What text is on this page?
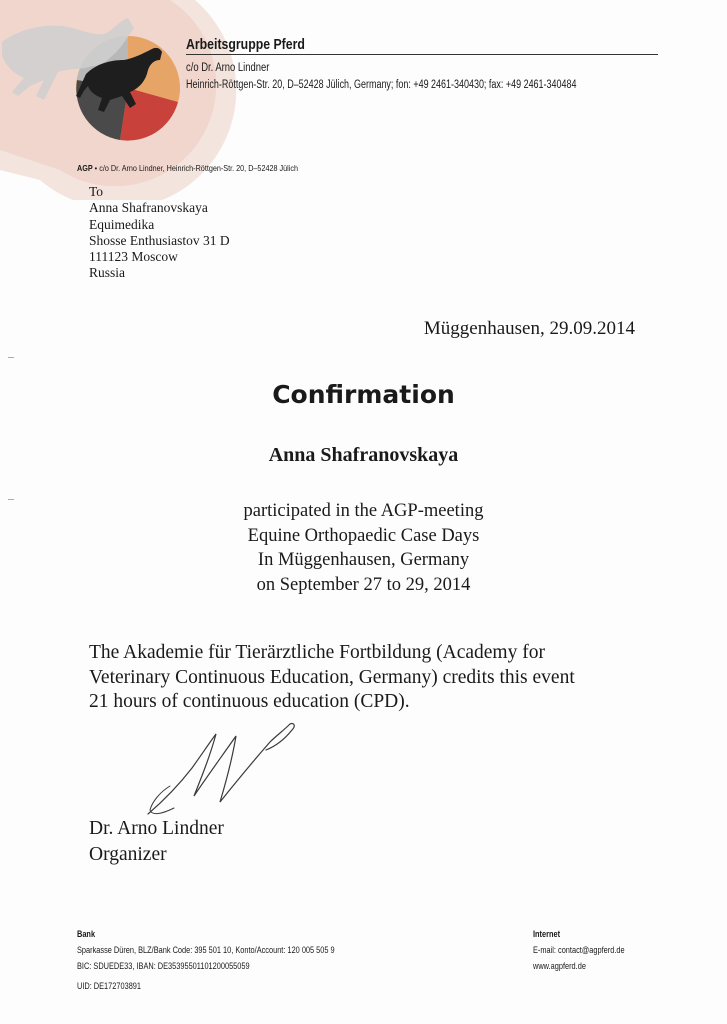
Arbeitsgruppe Pferd
c/o Dr. Arno Lindner
Heinrich-Röttgen-Str. 20, D–52428 Jülich, Germany; fon: +49 2461-340430; fax: +49 2461-340484
AGP • c/o Dr. Arno Lindner, Heinrich-Röttgen-Str. 20, D–52428 Jülich
To
Anna Shafranovskaya
Equimedika
Shosse Enthusiastov 31 D
111123 Moscow
Russia
Müggenhausen, 29.09.2014
Confirmation
Anna Shafranovskaya
participated in the AGP-meeting
Equine Orthopaedic Case Days
In Müggenhausen, Germany
on September 27 to 29, 2014
The Akademie für Tierärztliche Fortbildung (Academy for
Veterinary Continuous Education, Germany) credits this event
21 hours of continuous education (CPD).
Dr. Arno Lindner
Organizer
Bank
Sparkasse Düren, BLZ/Bank Code: 395 501 10, Konto/Account: 120 005 505 9
BIC: SDUEDE33, IBAN: DE35395501101200055059
UID: DE172703891
Internet
E-mail: contact@agpferd.de
www.agpferd.de
